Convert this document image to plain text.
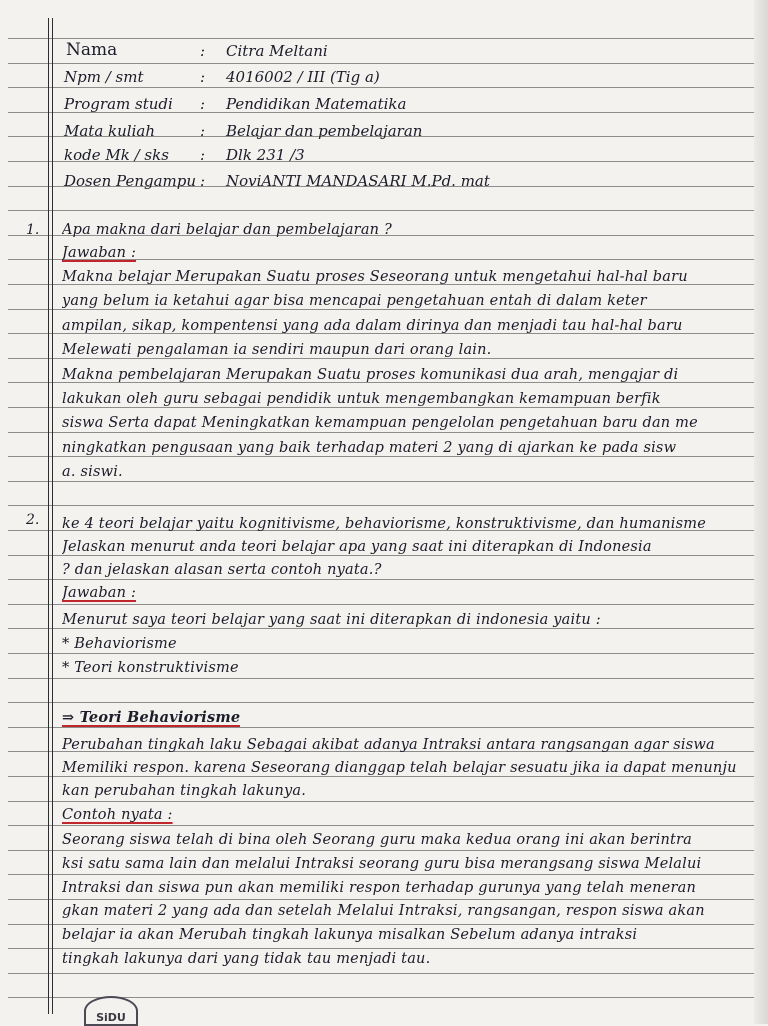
Nama	: Citra Meltani
Npm / smt	: 4016002 / III (Tig a)
Program studi : Pendidikan Matematika
Mata kuliah	: Belajar dan pembelajaran
kode Mk / sks : Dlk 231 /3
Dosen Pengampu : NoviANTI MANDASARI M.Pd. mat
1. Apa makna dari belajar dan pembelajaran ?
Jawaban :
Makna belajar Merupakan Suatu proses Seseorang untuk mengetahui hal-hal baru
yang belum ia ketahui agar bisa mencapai pengetahuan entah di dalam keter
ampilan, sikap, kompentensi yang ada dalam dirinya dan menjadi tau hal-hal baru
Melewati pengalaman ia sendiri maupun dari orang lain.
Makna pembelajaran Merupakan Suatu proses komunikasi dua arah, mengajar di
lakukan oleh guru sebagai pendidik untuk mengembangkan kemampuan berfik
siswa Serta dapat Meningkatkan kemampuan pengelolan pengetahuan baru dan me
ningkatkan pengusaan yang baik terhadap materi 2 yang di ajarkan ke pada sisw
a. siswi.
2. ke 4 teori belajar yaitu kognitivisme, behaviorisme, konstruktivisme, dan humanisme
Jelaskan menurut anda teori belajar apa yang saat ini diterapkan di Indonesia
? dan jelaskan alasan serta contoh nyata.?
Jawaban :
Menurut saya teori belajar yang saat ini diterapkan di indonesia yaitu :
* Behaviorisme
* Teori konstruktivisme
⇒ Teori Behaviorisme
Perubahan tingkah laku Sebagai akibat adanya Intraksi antara rangsangan agar siswa
Memiliki respon. karena Seseorang dianggap telah belajar sesuatu jika ia dapat menunju
kan perubahan tingkah lakunya.
Contoh nyata :
Seorang siswa telah di bina oleh Seorang guru maka kedua orang ini akan berintra
ksi satu sama lain dan melalui Intraksi seorang guru bisa merangsang siswa Melalui
Intraksi dan siswa pun akan memiliki respon terhadap gurunya yang telah meneran
gkan materi 2 yang ada dan setelah Melalui Intraksi, rangsangan, respon siswa akan
belajar ia akan Merubah tingkah lakunya misalkan Sebelum adanya intraksi
tingkah lakunya dari yang tidak tau menjadi tau.
SiDU
